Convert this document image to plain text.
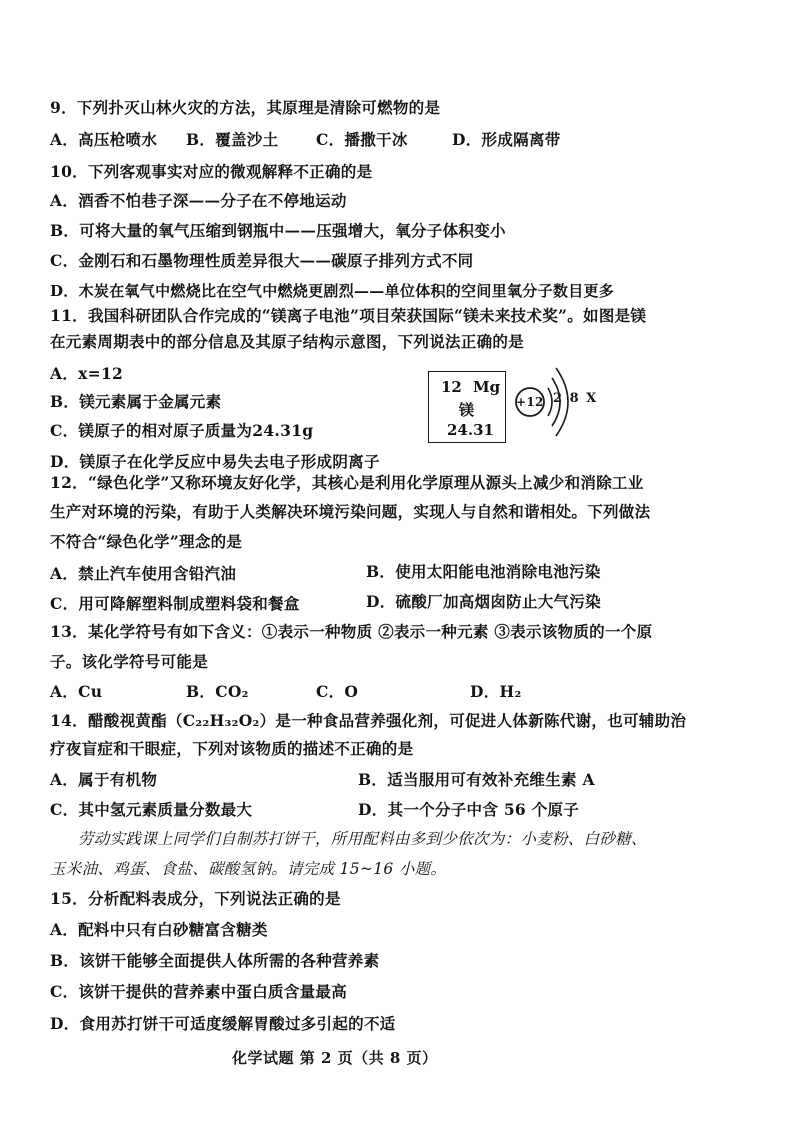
9．下列扑灭山林火灾的方法，其原理是清除可燃物的是
A．高压枪喷水 B．覆盖沙土 C．播撒干冰	D．形成隔离带
10．下列客观事实对应的微观解释不正确的是
A．酒香不怕巷子深——分子在不停地运动
B．可将大量的氧气压缩到钢瓶中——压强增大，氧分子体积变小
C．金刚石和石墨物理性质差异很大——碳原子排列方式不同
D．木炭在氧气中燃烧比在空气中燃烧更剧烈——单位体积的空间里氧分子数目更多
11．我国科研团队合作完成的“镁离子电池”项目荣获国际“镁未来技术奖”。如图是镁
在元素周期表中的部分信息及其原子结构示意图，下列说法正确的是
A．x=12
B．镁元素属于金属元素
C．镁原子的相对原子质量为24.31g
D．镁原子在化学反应中易失去电子形成阴离子
12 Mg
镁
24.31
+12 2 8 X
12．“绿色化学”又称环境友好化学，其核心是利用化学原理从源头上减少和消除工业
生产对环境的污染，有助于人类解决环境污染问题，实现人与自然和谐相处。下列做法
不符合“绿色化学”理念的是
A．禁止汽车使用含铅汽油	B．使用太阳能电池消除电池污染
C．用可降解塑料制成塑料袋和餐盒	D．硫酸厂加高烟囱防止大气污染
13．某化学符号有如下含义：①表示一种物质 ②表示一种元素 ③表示该物质的一个原
子。该化学符号可能是
A．Cu	B．CO₂	C．O	D．H₂
14．醋酸视黄酯（C₂₂H₃₂O₂）是一种食品营养强化剂，可促进人体新陈代谢，也可辅助治
疗夜盲症和干眼症，下列对该物质的描述不正确的是
A．属于有机物	B．适当服用可有效补充维生素 A
C．其中氢元素质量分数最大	D．其一个分子中含 56 个原子
劳动实践课上同学们自制苏打饼干，所用配料由多到少依次为：小麦粉、白砂糖、
玉米油、鸡蛋、食盐、碳酸氢钠。请完成 15~16 小题。
15．分析配料表成分，下列说法正确的是
A．配料中只有白砂糖富含糖类
B．该饼干能够全面提供人体所需的各种营养素
C．该饼干提供的营养素中蛋白质含量最高
D．食用苏打饼干可适度缓解胃酸过多引起的不适
化学试题 第 2 页（共 8 页）
